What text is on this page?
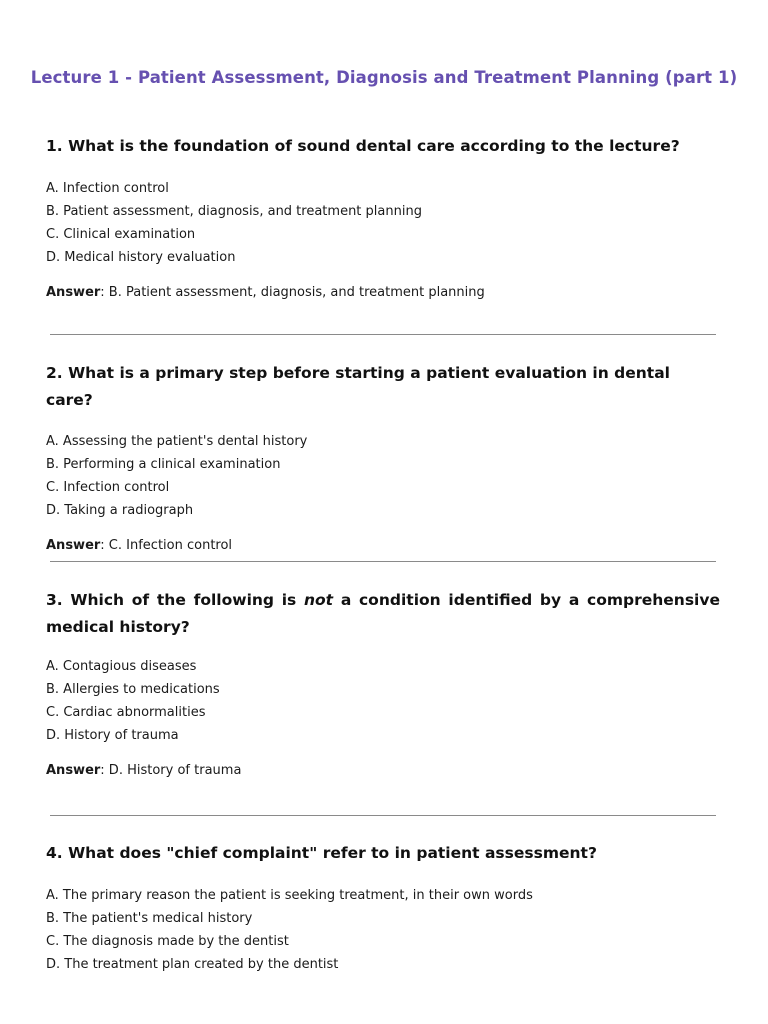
Lecture 1 - Patient Assessment, Diagnosis and Treatment Planning (part 1)

1. What is the foundation of sound dental care according to the lecture?

A. Infection control
B. Patient assessment, diagnosis, and treatment planning
C. Clinical examination
D. Medical history evaluation
Answer: B. Patient assessment, diagnosis, and treatment planning

2. What is a primary step before starting a patient evaluation in dental care?

A. Assessing the patient's dental history
B. Performing a clinical examination
C. Infection control
D. Taking a radiograph
Answer: C. Infection control

3. Which of the following is not a condition identified by a comprehensive medical history?

A. Contagious diseases
B. Allergies to medications
C. Cardiac abnormalities
D. History of trauma
Answer: D. History of trauma

4. What does "chief complaint" refer to in patient assessment?

A. The primary reason the patient is seeking treatment, in their own words
B. The patient's medical history
C. The diagnosis made by the dentist
D. The treatment plan created by the dentist
